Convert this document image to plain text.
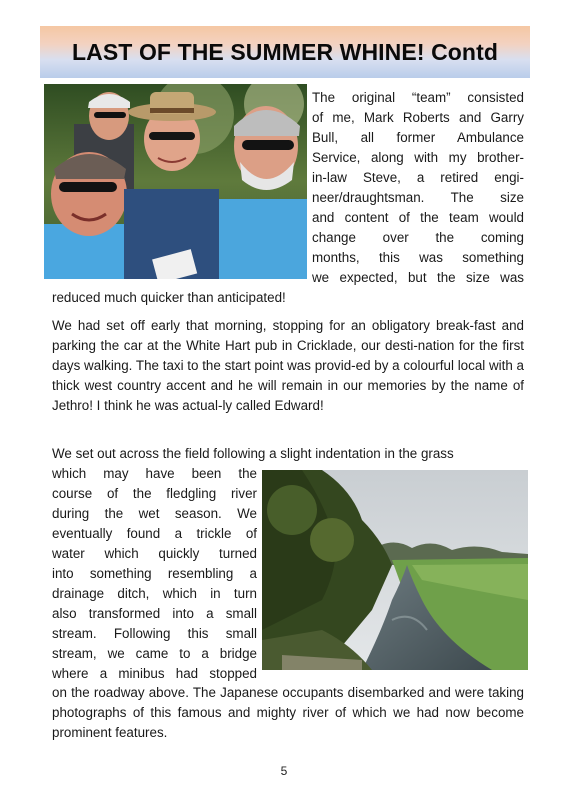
LAST OF THE SUMMER WHINE! Contd
The original “team” consisted
of me, Mark Roberts and Garry
Bull, all former Ambulance
Service, along with my brother-
in-law Steve, a retired engi-
neer/draughtsman. The size
and content of the team would
change over the coming
months, this was something
we expected, but the size was
reduced much quicker than anticipated!

We had set off early that morning, stopping for an obligatory break-fast and parking the car at the White Hart pub in Cricklade, our desti-nation for the first days walking. The taxi to the start point was provid-ed by a colourful local with a thick west country accent and he will remain in our memories by the name of Jethro! I think he was actual-ly called Edward!

We set out across the field following a slight indentation in the grass
which may have been the
course of the fledgling river
during the wet season. We
eventually found a trickle of
water which quickly turned
into something resembling a
drainage ditch, which in turn
also transformed into a small
stream. Following this small
stream, we came to a bridge
where a minibus had stopped

on the roadway above. The Japanese occupants disembarked and were taking photographs of this famous and mighty river of which we had now become prominent features.

5
